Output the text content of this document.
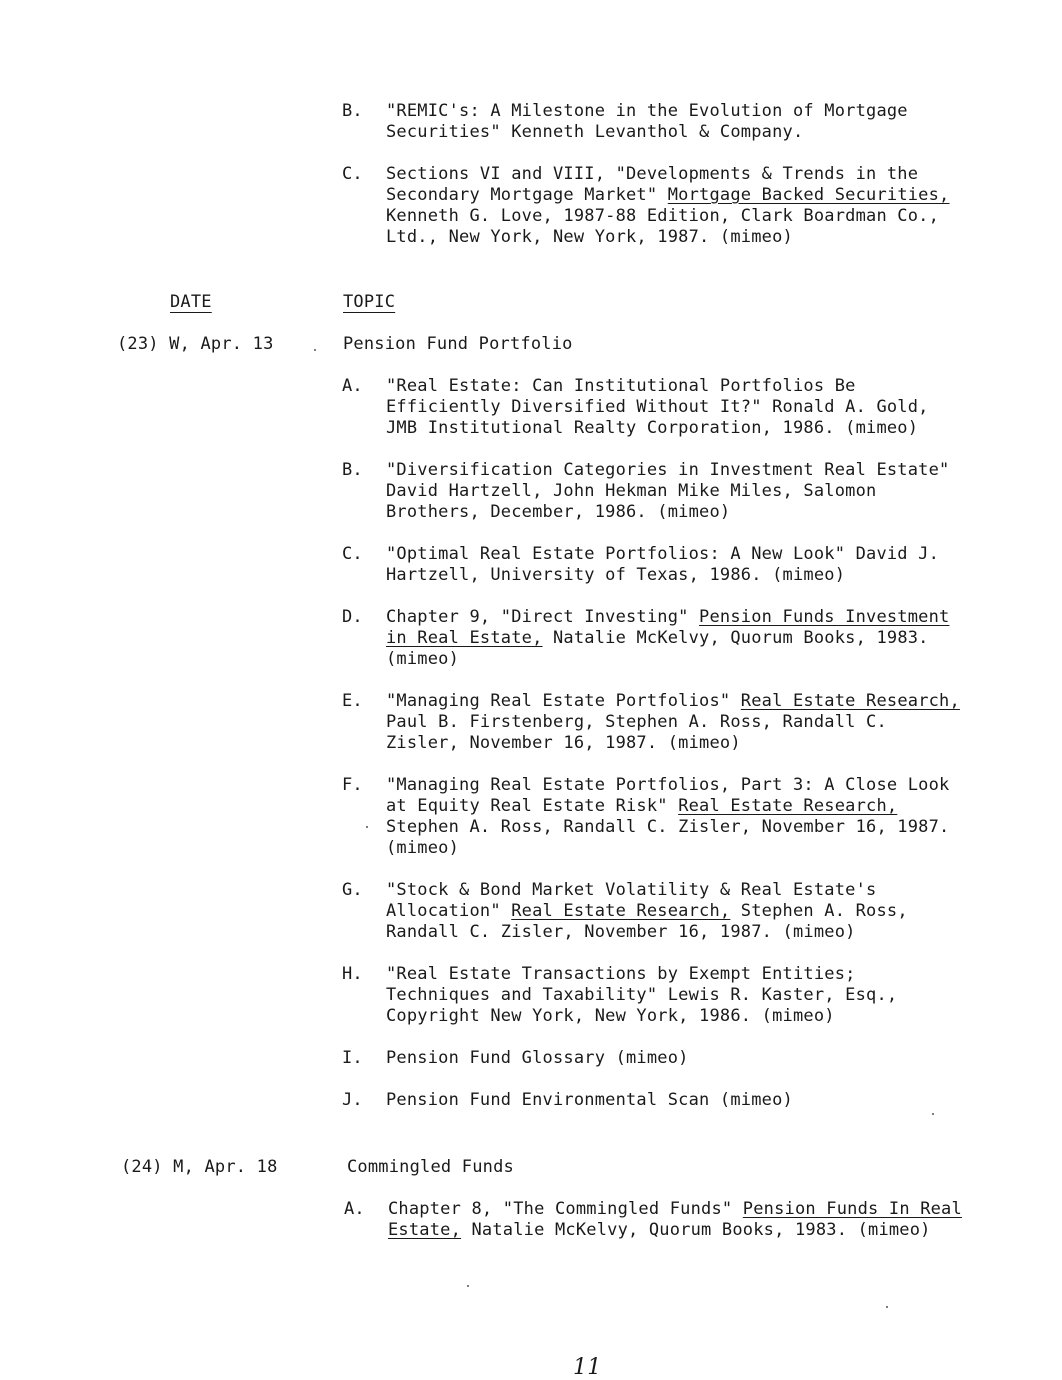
B.	"REMIC's: A Milestone in the Evolution of Mortgage Securities" Kenneth Levanthol & Company.
C.	Sections VI and VIII, "Developments & Trends in the Secondary Mortgage Market" Mortgage Backed Securities, Kenneth G. Love, 1987-88 Edition, Clark Boardman Co., Ltd., New York, New York, 1987. (mimeo)
DATE	TOPIC
(23) W, Apr. 13	Pension Fund Portfolio
A.	"Real Estate: Can Institutional Portfolios Be Efficiently Diversified Without It?" Ronald A. Gold, JMB Institutional Realty Corporation, 1986. (mimeo)
B.	"Diversification Categories in Investment Real Estate" David Hartzell, John Hekman Mike Miles, Salomon Brothers, December, 1986. (mimeo)
C.	"Optimal Real Estate Portfolios: A New Look" David J. Hartzell, University of Texas, 1986. (mimeo)
D.	Chapter 9, "Direct Investing" Pension Funds Investment in Real Estate, Natalie McKelvy, Quorum Books, 1983. (mimeo)
E.	"Managing Real Estate Portfolios" Real Estate Research, Paul B. Firstenberg, Stephen A. Ross, Randall C. Zisler, November 16, 1987. (mimeo)
F.	"Managing Real Estate Portfolios, Part 3: A Close Look at Equity Real Estate Risk" Real Estate Research, Stephen A. Ross, Randall C. Zisler, November 16, 1987. (mimeo)
G.	"Stock & Bond Market Volatility & Real Estate's Allocation" Real Estate Research, Stephen A. Ross, Randall C. Zisler, November 16, 1987. (mimeo)
H.	"Real Estate Transactions by Exempt Entities; Techniques and Taxability" Lewis R. Kaster, Esq., Copyright New York, New York, 1986. (mimeo)
I.	Pension Fund Glossary (mimeo)
J.	Pension Fund Environmental Scan (mimeo)
(24) M, Apr. 18	Commingled Funds
A.	Chapter 8, "The Commingled Funds" Pension Funds In Real Estate, Natalie McKelvy, Quorum Books, 1983. (mimeo)
11
